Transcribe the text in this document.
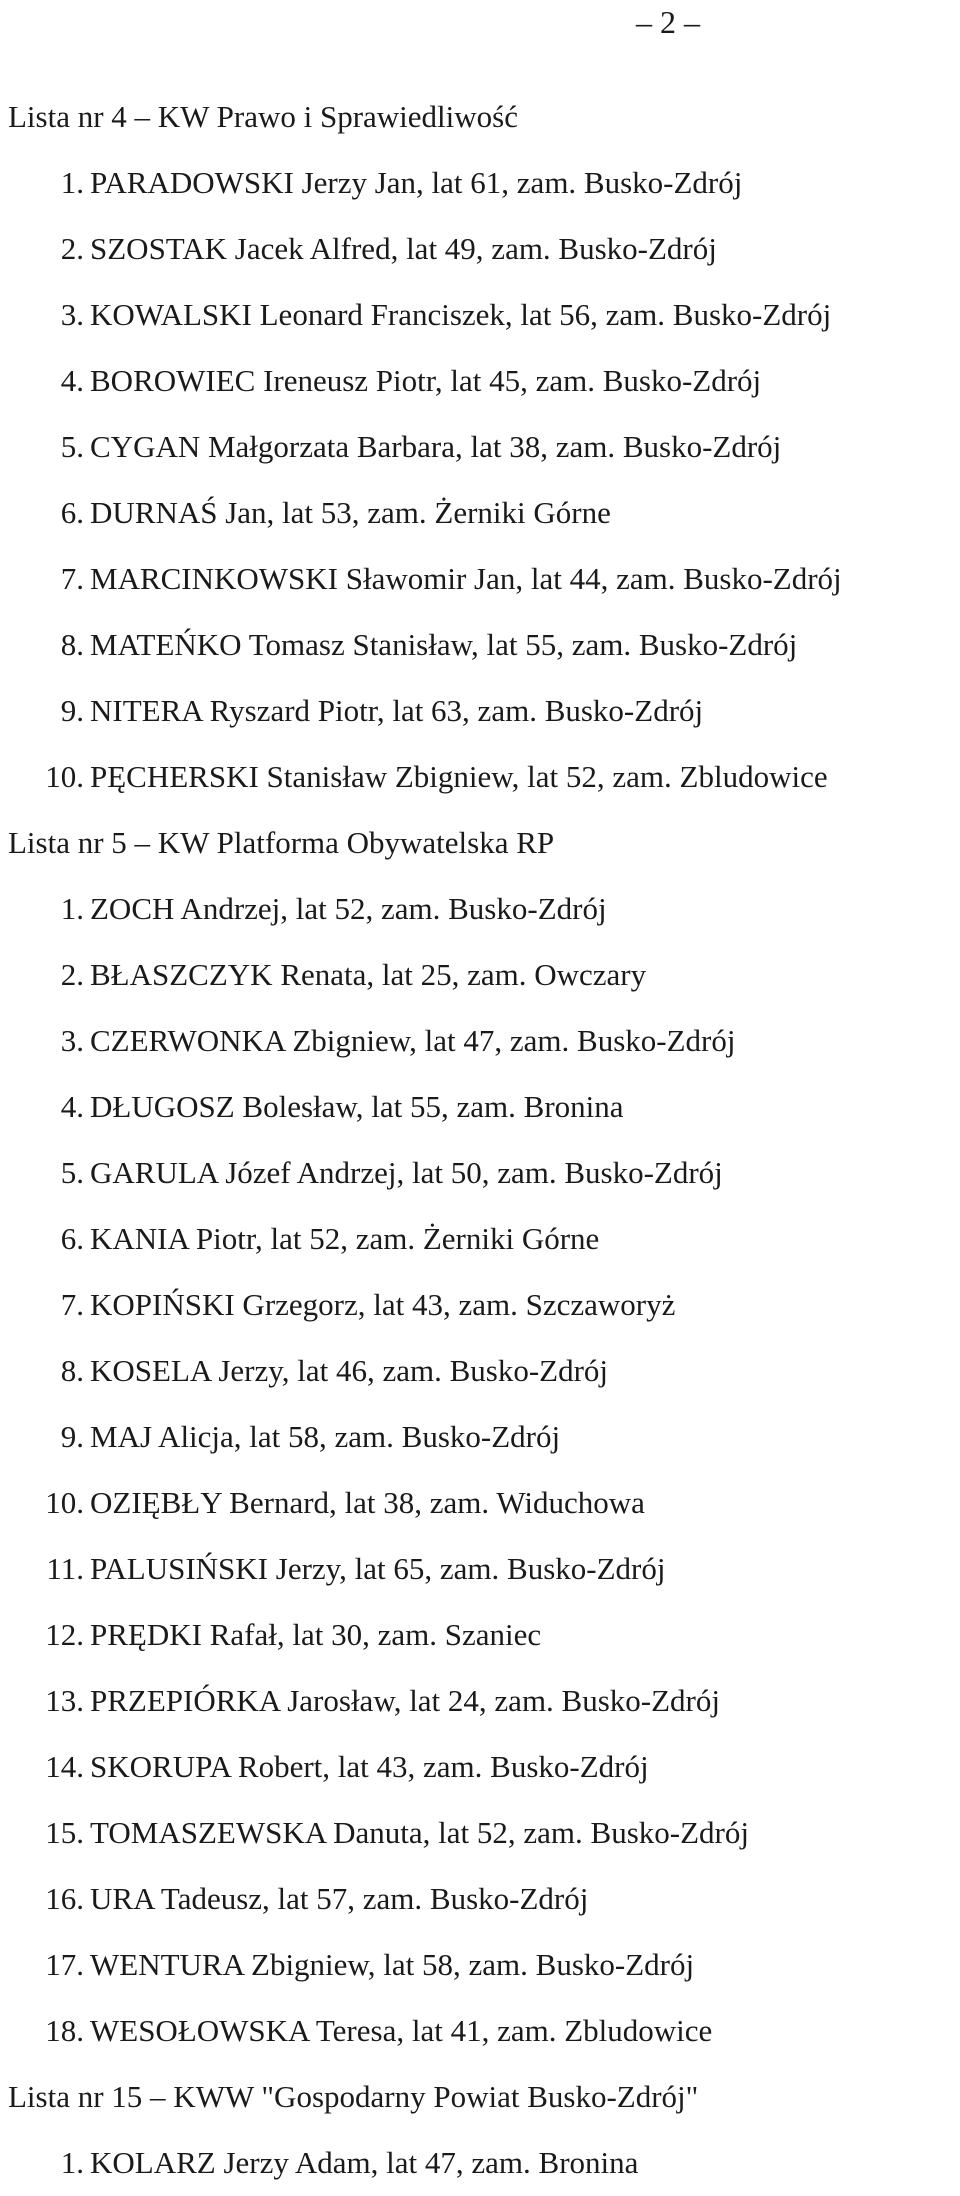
– 2 –
Lista nr 4 – KW Prawo i Sprawiedliwość
1. PARADOWSKI Jerzy Jan, lat 61, zam. Busko-Zdrój
2. SZOSTAK Jacek Alfred, lat 49, zam. Busko-Zdrój
3. KOWALSKI Leonard Franciszek, lat 56, zam. Busko-Zdrój
4. BOROWIEC Ireneusz Piotr, lat 45, zam. Busko-Zdrój
5. CYGAN Małgorzata Barbara, lat 38, zam. Busko-Zdrój
6. DURNAŚ Jan, lat 53, zam. Żerniki Górne
7. MARCINKOWSKI Sławomir Jan, lat 44, zam. Busko-Zdrój
8. MATEŃKO Tomasz Stanisław, lat 55, zam. Busko-Zdrój
9. NITERA Ryszard Piotr, lat 63, zam. Busko-Zdrój
10. PĘCHERSKI Stanisław Zbigniew, lat 52, zam. Zbludowice
Lista nr 5 – KW Platforma Obywatelska RP
1. ZOCH Andrzej, lat 52, zam. Busko-Zdrój
2. BŁASZCZYK Renata, lat 25, zam. Owczary
3. CZERWONKA Zbigniew, lat 47, zam. Busko-Zdrój
4. DŁUGOSZ Bolesław, lat 55, zam. Bronina
5. GARULA Józef Andrzej, lat 50, zam. Busko-Zdrój
6. KANIA Piotr, lat 52, zam. Żerniki Górne
7. KOPIŃSKI Grzegorz, lat 43, zam. Szczaworyż
8. KOSELA Jerzy, lat 46, zam. Busko-Zdrój
9. MAJ Alicja, lat 58, zam. Busko-Zdrój
10. OZIĘBŁY Bernard, lat 38, zam. Widuchowa
11. PALUSIŃSKI Jerzy, lat 65, zam. Busko-Zdrój
12. PRĘDKI Rafał, lat 30, zam. Szaniec
13. PRZEPIÓRKA Jarosław, lat 24, zam. Busko-Zdrój
14. SKORUPA Robert, lat 43, zam. Busko-Zdrój
15. TOMASZEWSKA Danuta, lat 52, zam. Busko-Zdrój
16. URA Tadeusz, lat 57, zam. Busko-Zdrój
17. WENTURA Zbigniew, lat 58, zam. Busko-Zdrój
18. WESOŁOWSKA Teresa, lat 41, zam. Zbludowice
Lista nr 15 – KWW "Gospodarny Powiat Busko-Zdrój"
1. KOLARZ Jerzy Adam, lat 47, zam. Bronina
